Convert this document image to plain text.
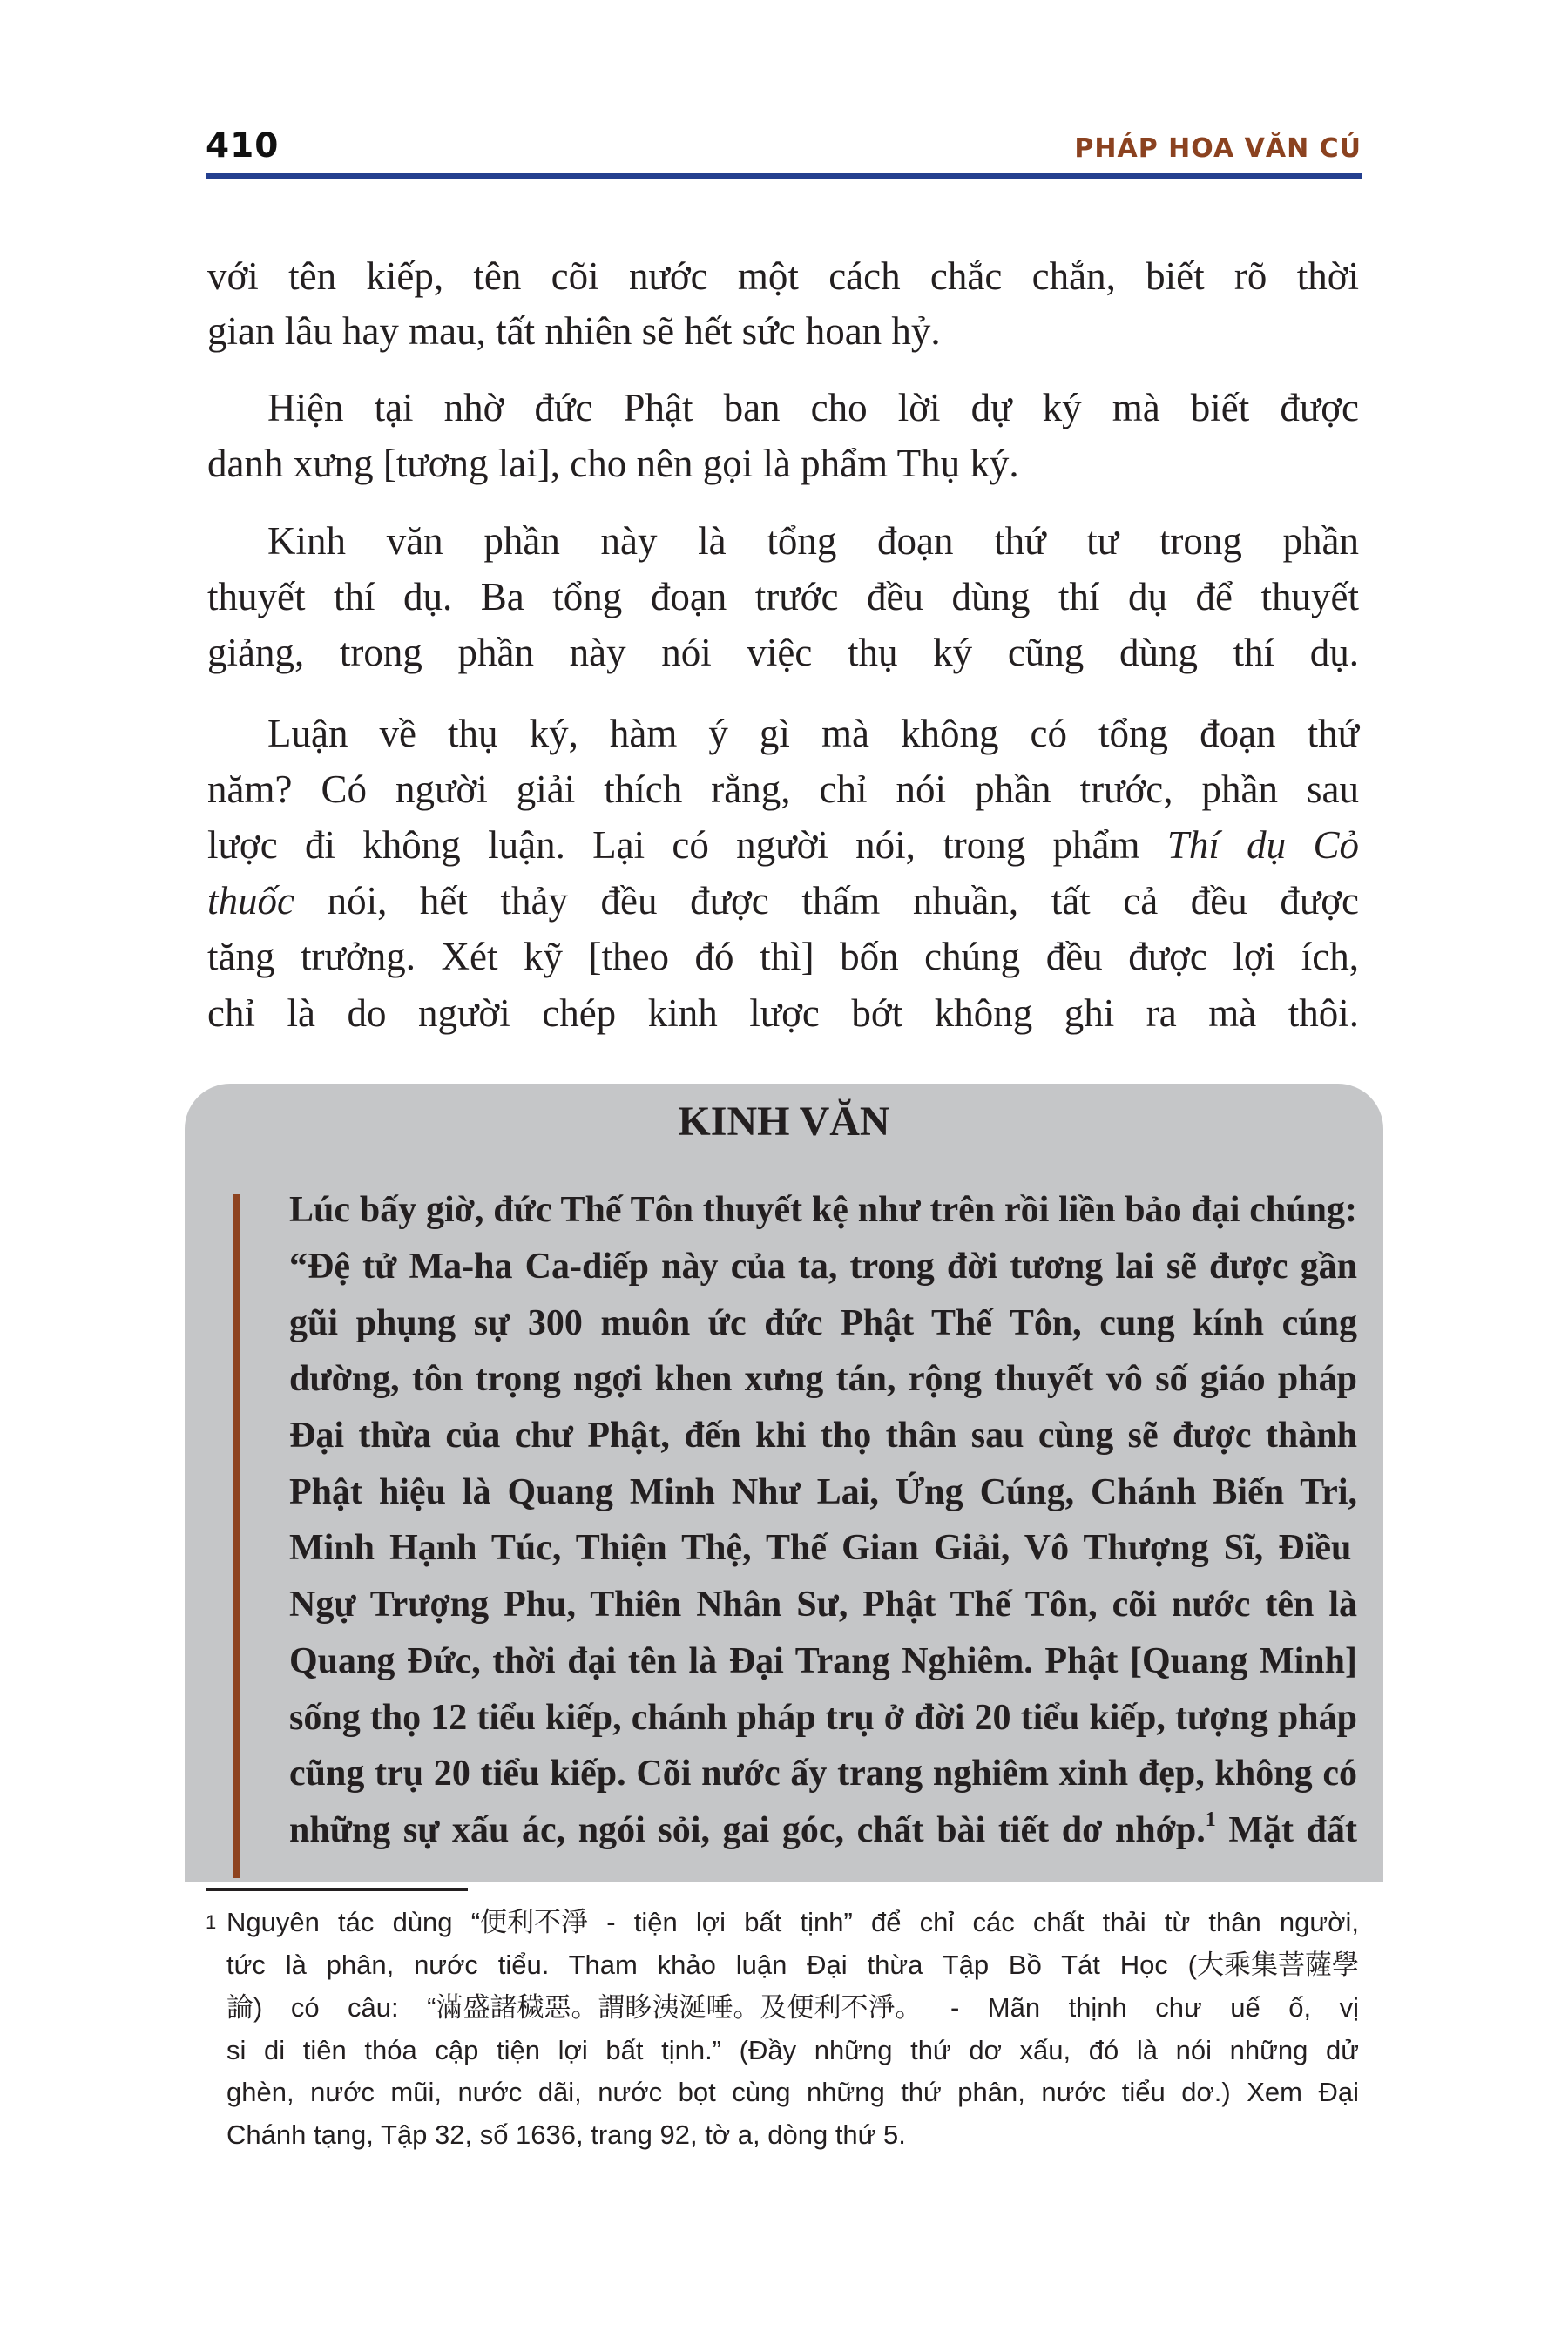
410	PHÁP HOA VĂN CÚ
với tên kiếp, tên cõi nước một cách chắc chắn, biết rõ thời
gian lâu hay mau, tất nhiên sẽ hết sức hoan hỷ.
Hiện tại nhờ đức Phật ban cho lời dự ký mà biết được
danh xưng [tương lai], cho nên gọi là phẩm Thụ ký.
Kinh văn phần này là tổng đoạn thứ tư trong phần
thuyết thí dụ. Ba tổng đoạn trước đều dùng thí dụ để thuyết
giảng, trong phần này nói việc thụ ký cũng dùng thí dụ.
Luận về thụ ký, hàm ý gì mà không có tổng đoạn thứ
năm? Có người giải thích rằng, chỉ nói phần trước, phần sau
lược đi không luận. Lại có người nói, trong phẩm Thí dụ Cỏ
thuốc nói, hết thảy đều được thấm nhuần, tất cả đều được
tăng trưởng. Xét kỹ [theo đó thì] bốn chúng đều được lợi ích,
chỉ là do người chép kinh lược bớt không ghi ra mà thôi.
KINH VĂN
Lúc bấy giờ, đức Thế Tôn thuyết kệ như trên rồi liền bảo đại chúng:
“Đệ tử Ma-ha Ca-diếp này của ta, trong đời tương lai sẽ được gần
gũi phụng sự 300 muôn ức đức Phật Thế Tôn, cung kính cúng
dường, tôn trọng ngợi khen xưng tán, rộng thuyết vô số giáo pháp
Đại thừa của chư Phật, đến khi thọ thân sau cùng sẽ được thành
Phật hiệu là Quang Minh Như Lai, Ứng Cúng, Chánh Biến Tri,
Minh Hạnh Túc, Thiện Thệ, Thế Gian Giải, Vô Thượng Sĩ, Điều
Ngự Trượng Phu, Thiên Nhân Sư, Phật Thế Tôn, cõi nước tên là
Quang Đức, thời đại tên là Đại Trang Nghiêm. Phật [Quang Minh]
sống thọ 12 tiểu kiếp, chánh pháp trụ ở đời 20 tiểu kiếp, tượng pháp
cũng trụ 20 tiểu kiếp. Cõi nước ấy trang nghiêm xinh đẹp, không có
những sự xấu ác, ngói sỏi, gai góc, chất bài tiết dơ nhớp.$^1$ Mặt đất
1 Nguyên tác dùng “便利不淨 - tiện lợi bất tịnh” để chỉ các chất thải từ thân người,
tức là phân, nước tiểu. Tham khảo luận Đại thừa Tập Bồ Tát Học (大乘集菩薩學
論) có câu: “滿盛諸穢惡。謂眵洟涎唾。及便利不淨。 - Mãn thịnh chư uế ố, vị
si di tiên thóa cập tiện lợi bất tịnh.” (Đầy những thứ dơ xấu, đó là nói những dử
ghèn, nước mũi, nước dãi, nước bọt cùng những thứ phân, nước tiểu dơ.) Xem Đại
Chánh tạng, Tập 32, số 1636, trang 92, tờ a, dòng thứ 5.
